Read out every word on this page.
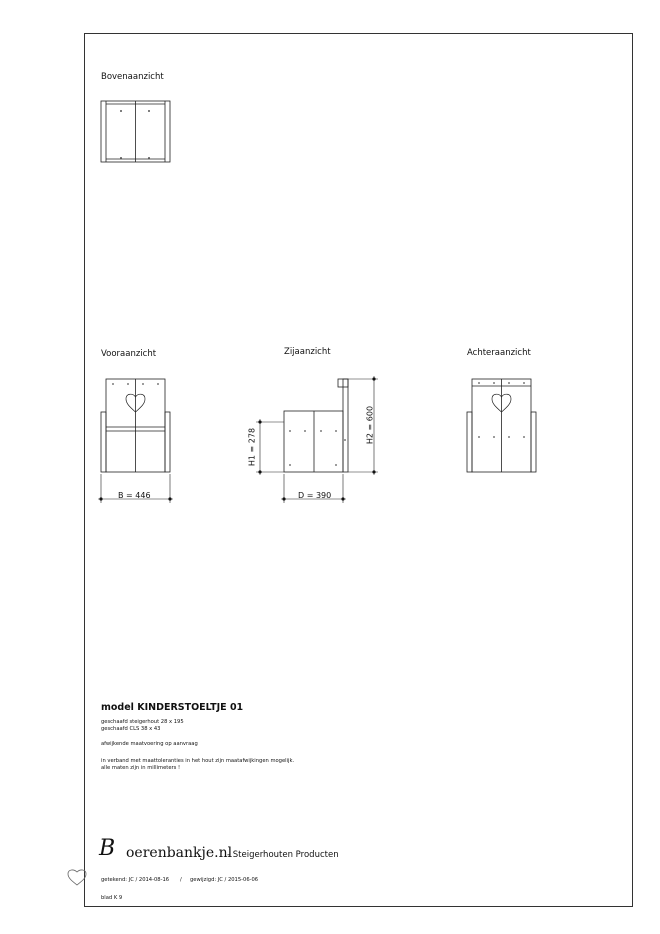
Bovenaanzicht
Vooraanzicht	Zijaanzicht	Achteraanzicht
B = 446	D = 390
H1 = 278
H2 = 600
model KINDERSTOELTJE 01
geschaafd steigerhout 28 x 195
geschaafd CLS 38 x 43
afwijkende maatvoering op aanvraag
in verband met maattoleranties in het hout zijn maatafwijkingen mogelijk.
alle maten zijn in millimeters !
B oerenbankje.nl
- Steigerhouten Producten
getekend: JC / 2014-08-16 / gewijzigd: JC / 2015-06-06
blad K 9
